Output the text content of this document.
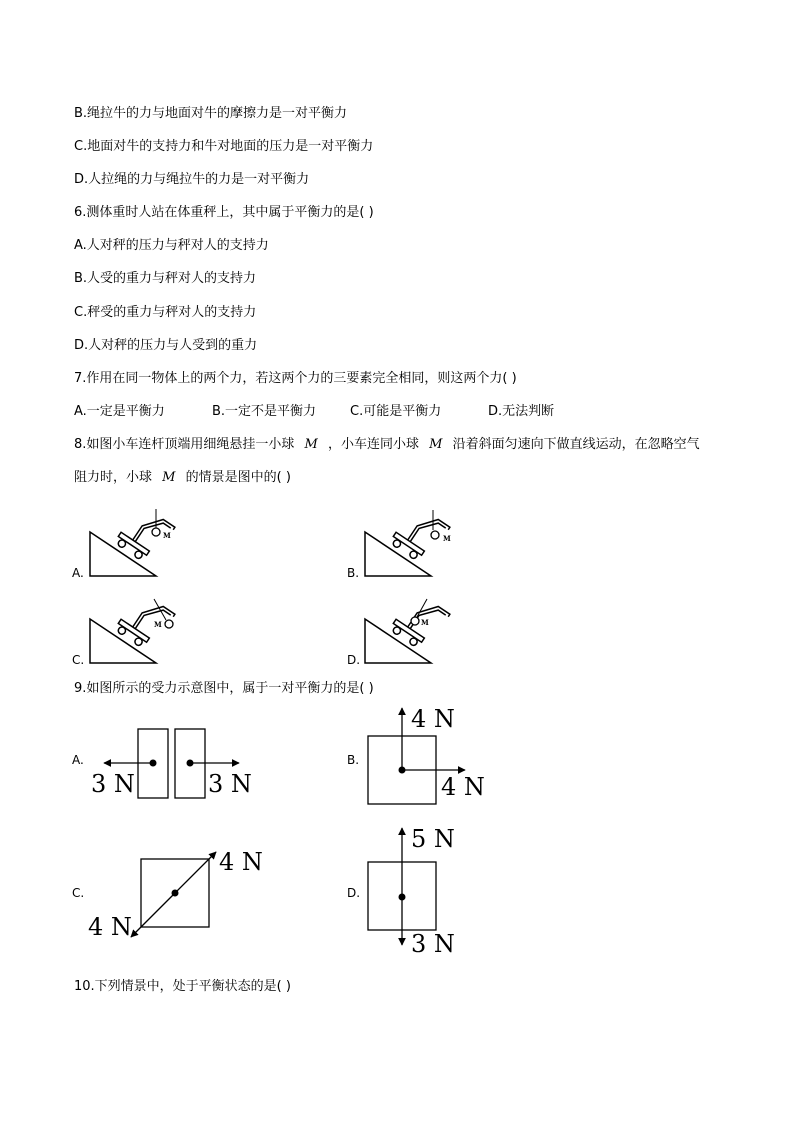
B.绳拉牛的力与地面对牛的摩擦力是一对平衡力
C.地面对牛的支持力和牛对地面的压力是一对平衡力
D.人拉绳的力与绳拉牛的力是一对平衡力
6.测体重时人站在体重秤上，其中属于平衡力的是( )
A.人对秤的压力与秤对人的支持力
B.人受的重力与秤对人的支持力
C.秤受的重力与秤对人的支持力
D.人对秤的压力与人受到的重力
7.作用在同一物体上的两个力，若这两个力的三要素完全相同，则这两个力( )
A.一定是平衡力	B.一定不是平衡力	C.可能是平衡力	D.无法判断
8.如图小车连杆顶端用细绳悬挂一小球 M ，小车连同小球 M 沿着斜面匀速向下做直线运动，在忽略空气
阻力时，小球 M 的情景是图中的( )
A.	B.
C.	D.
M	M
M	M
9.如图所示的受力示意图中，属于一对平衡力的是( )
A.	B.
C.	D.
3 N	3 N
4 N
4 N
4 N
4 N
5 N
3 N
10.下列情景中，处于平衡状态的是( )
